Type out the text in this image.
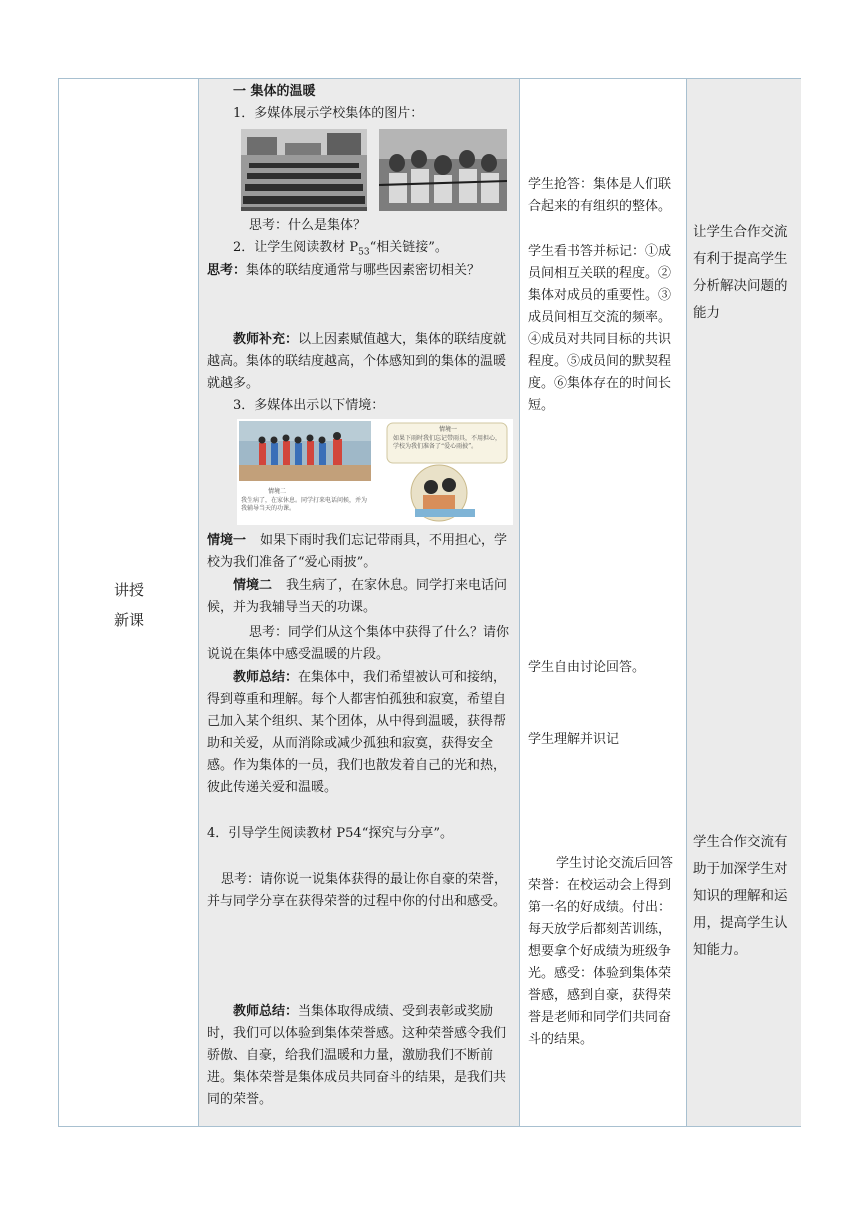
讲授
新课
一 集体的温暖
1．多媒体展示学校集体的图片：
思考：什么是集体？
2．让学生阅读教材 $P_{53}“$相关链接”。
思考：集体的联结度通常与哪些因素密切相关？
教师补充：以上因素赋值越大，集体的联结度就越高。集体的联结度越高，个体感知到的集体的温暖就越多。
3．多媒体出示以下情境：
情境一
如果下雨时我们忘记带雨具，不用担心，学校为我们准备了“爱心雨披”。
情境二
我生病了，在家休息。同学打来电话问候，并为我辅导当天的功课。
情境一 如果下雨时我们忘记带雨具，不用担心，学校为我们准备了“爱心雨披”。
情境二 我生病了，在家休息。同学打来电话问候，并为我辅导当天的功课。
思考：同学们从这个集体中获得了什么？请你说说在集体中感受温暖的片段。
教师总结：在集体中，我们希望被认可和接纳，得到尊重和理解。每个人都害怕孤独和寂寞，希望自己加入某个组织、某个团体，从中得到温暖，获得帮助和关爱，从而消除或减少孤独和寂寞，获得安全感。作为集体的一员，我们也散发着自己的光和热，彼此传递关爱和温暖。
4．引导学生阅读教材 P54“探究与分享”。
思考：请你说一说集体获得的最让你自豪的荣誉，并与同学分享在获得荣誉的过程中你的付出和感受。
教师总结：当集体取得成绩、受到表彰或奖励时，我们可以体验到集体荣誉感。这种荣誉感令我们骄傲、自豪，给我们温暖和力量，激励我们不断前进。集体荣誉是集体成员共同奋斗的结果，是我们共同的荣誉。
学生抢答：集体是人们联合起来的有组织的整体。
学生看书答并标记：①成员间相互关联的程度。②集体对成员的重要性。③成员间相互交流的频率。④成员对共同目标的共识程度。⑤成员间的默契程度。⑥集体存在的时间长短。
学生自由讨论回答。
学生理解并识记
学生讨论交流后回答 荣誉：在校运动会上得到第一名的好成绩。付出：每天放学后都刻苦训练，想要拿个好成绩为班级争光。感受：体验到集体荣誉感，感到自豪，获得荣誉是老师和同学们共同奋斗的结果。
让学生合作交流有利于提高学生分析解决问题的能力
学生合作交流有助于加深学生对知识的理解和运用，提高学生认知能力。
